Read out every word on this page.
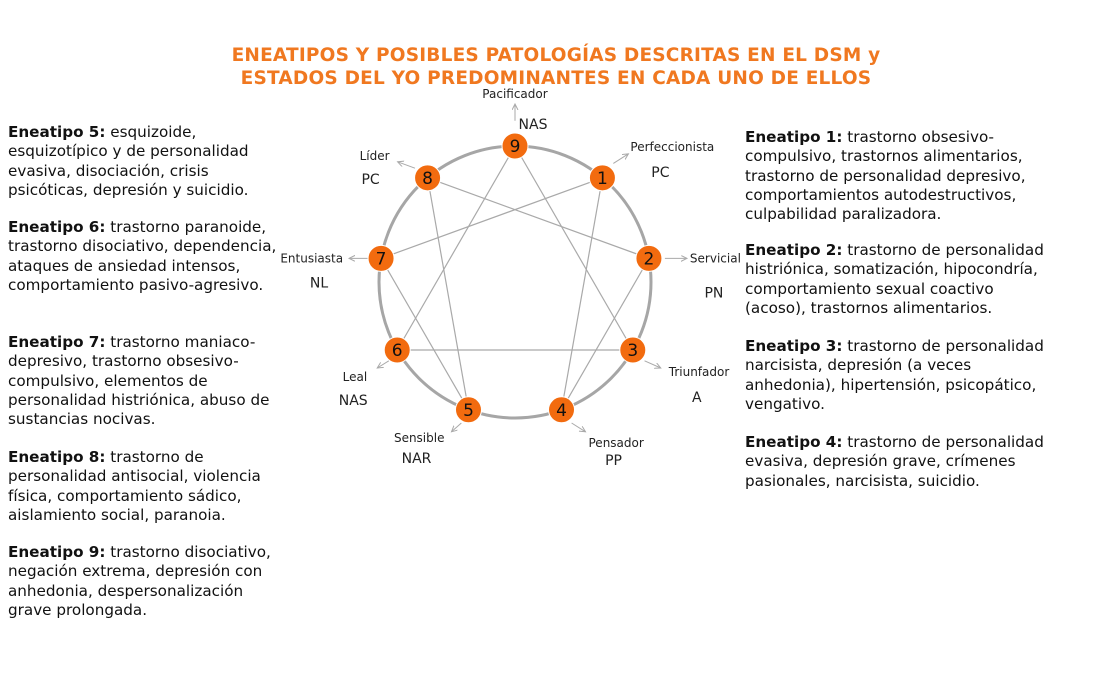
ENEATIPOS Y POSIBLES PATOLOGÍAS DESCRITAS EN EL DSM y
ESTADOS DEL YO PREDOMINANTES EN CADA UNO DE ELLOS

Eneatipo 5: esquizoide,
esquizotípico y de personalidad
evasiva, disociación, crisis
psicóticas, depresión y suicidio.

Eneatipo 6: trastorno paranoide,
trastorno disociativo, dependencia,
ataques de ansiedad intensos,
comportamiento pasivo-agresivo.

Eneatipo 7: trastorno maniaco-
depresivo, trastorno obsesivo-
compulsivo, elementos de
personalidad histriónica, abuso de
sustancias nocivas.

Eneatipo 8: trastorno de
personalidad antisocial, violencia
física, comportamiento sádico,
aislamiento social, paranoia.

Eneatipo 9: trastorno disociativo,
negación extrema, depresión con
anhedonia, despersonalización
grave prolongada.

Eneatipo 1: trastorno obsesivo-
compulsivo, trastornos alimentarios,
trastorno de personalidad depresivo,
comportamientos autodestructivos,
culpabilidad paralizadora.

Eneatipo 2: trastorno de personalidad
histriónica, somatización, hipocondría,
comportamiento sexual coactivo
(acoso), trastornos alimentarios.

Eneatipo 3: trastorno de personalidad
narcisista, depresión (a veces
anhedonia), hipertensión, psicopático,
vengativo.

Eneatipo 4: trastorno de personalidad
evasiva, depresión grave, crímenes
pasionales, narcisista, suicidio.

9
Pacificador
NAS
1
Perfeccionista
PC
2	Servicial
PN
3
Triunfador
A
4
Pensador
PP
5
Sensible
NAR
6
Leal
NAS
7
Entusiasta
NL
8
Líder
PC
